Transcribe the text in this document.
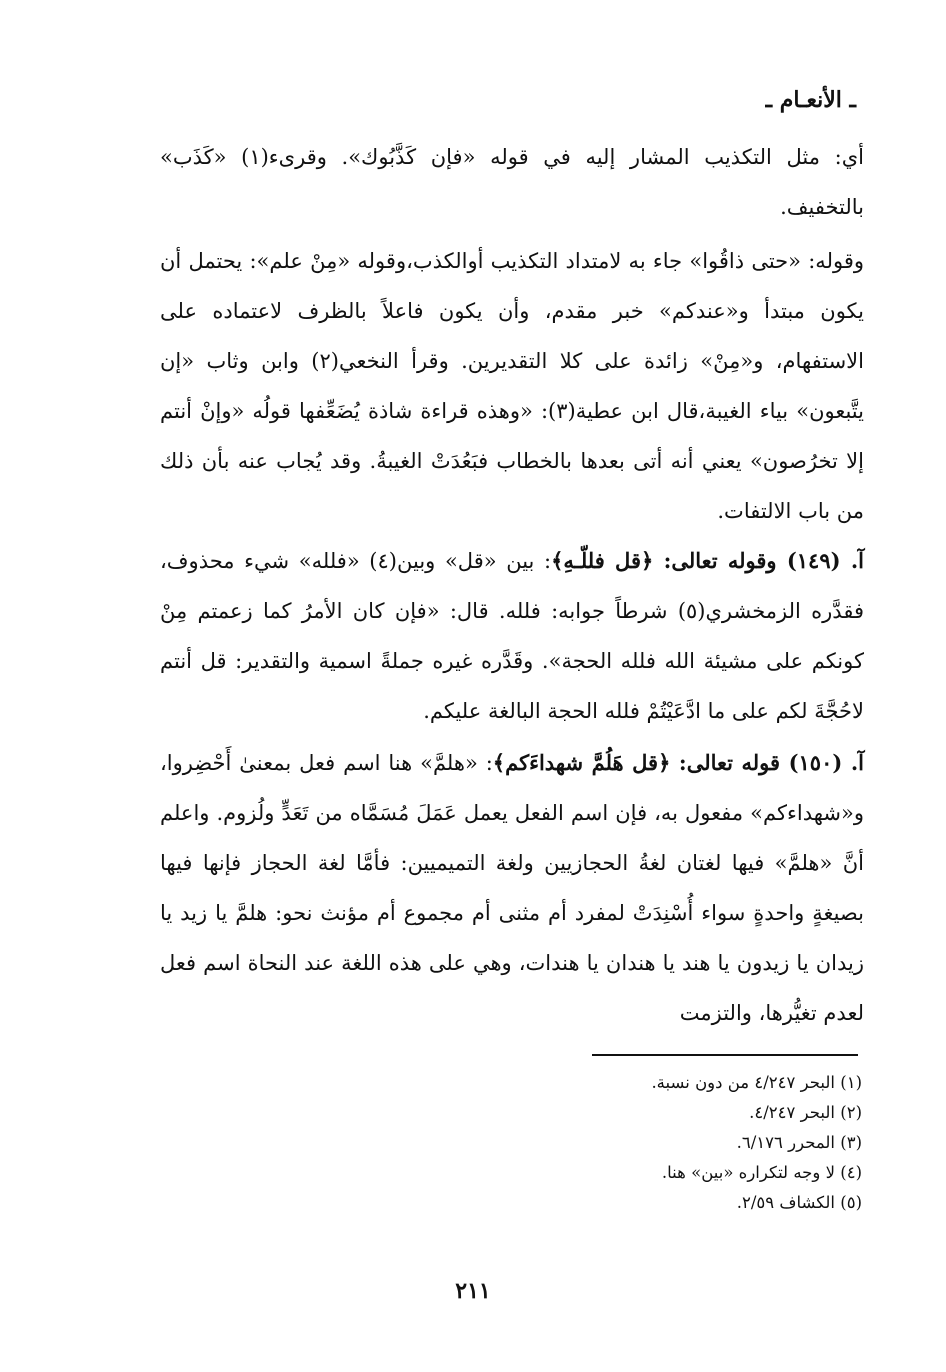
ـ الأنعـام ـ
أي: مثل التكذيب المشار إليه في قوله «فإن كَذَّبُوك». وقرىء(١) «كَذَب» بالتخفيف.
وقوله: «حتى ذاقُوا» جاء به لامتداد التكذيب أوالكذب،وقوله «مِنْ علم»: يحتمل أن يكون مبتدأ و«عندكم» خبر مقدم، وأن يكون فاعلاً بالظرف لاعتماده على الاستفهام، و«مِنْ» زائدة على كلا التقديرين. وقرأ النخعي(٢) وابن وثاب «إن يتَّبعون» بياء الغيبة،قال ابن عطية(٣): «وهذه قراءة شاذة يُضَعِّفها قولُه «وإنْ أنتم إلا تخرُصون» يعني أنه أتى بعدها بالخطاب فبَعُدَتْ الغيبةُ. وقد يُجاب عنه بأن ذلك من باب الالتفات.
آ. (١٤٩) وقوله تعالى: ﴿قل فللّـهِ﴾: بين «قل» وبين(٤) «فلله» شيء محذوف، فقدَّره الزمخشري(٥) شرطاً جوابه: فلله. قال: «فإن كان الأمرُ كما زعمتم مِنْ كونكم على مشيئة الله فلله الحجة». وقَدَّره غيره جملةً اسمية والتقدير: قل أنتم لاحُجَّةَ لكم على ما ادَّعَيْتُمْ فلله الحجة البالغة عليكم.
آ. (١٥٠) قوله تعالى: ﴿قل هَلُمَّ شهداءَكم﴾: «هلمَّ» هنا اسم فعل بمعنىٰ أَحْضِروا، و«شهداءكم» مفعول به، فإن اسم الفعل يعمل عَمَلَ مُسَمَّاه من تَعَدٍّ ولُزوم. واعلم أنَّ «هلمَّ» فيها لغتان لغةُ الحجازيين ولغة التميميين: فأمَّا لغة الحجاز فإنها فيها بصيغةٍ واحدةٍ سواء أُسْنِدَتْ لمفرد أم مثنى أم مجموع أم مؤنث نحو: هلمَّ يا زيد يا زيدان يا زيدون يا هند يا هندان يا هندات، وهي على هذه اللغة عند النحاة اسم فعل لعدم تغيُّرها، والتزمت
(١) البحر ٤/٢٤٧ من دون نسبة.
(٢) البحر ٤/٢٤٧.
(٣) المحرر ٦/١٧٦.
(٤) لا وجه لتكراره «بين» هنا.
(٥) الكشاف ٢/٥٩.
٢١١
